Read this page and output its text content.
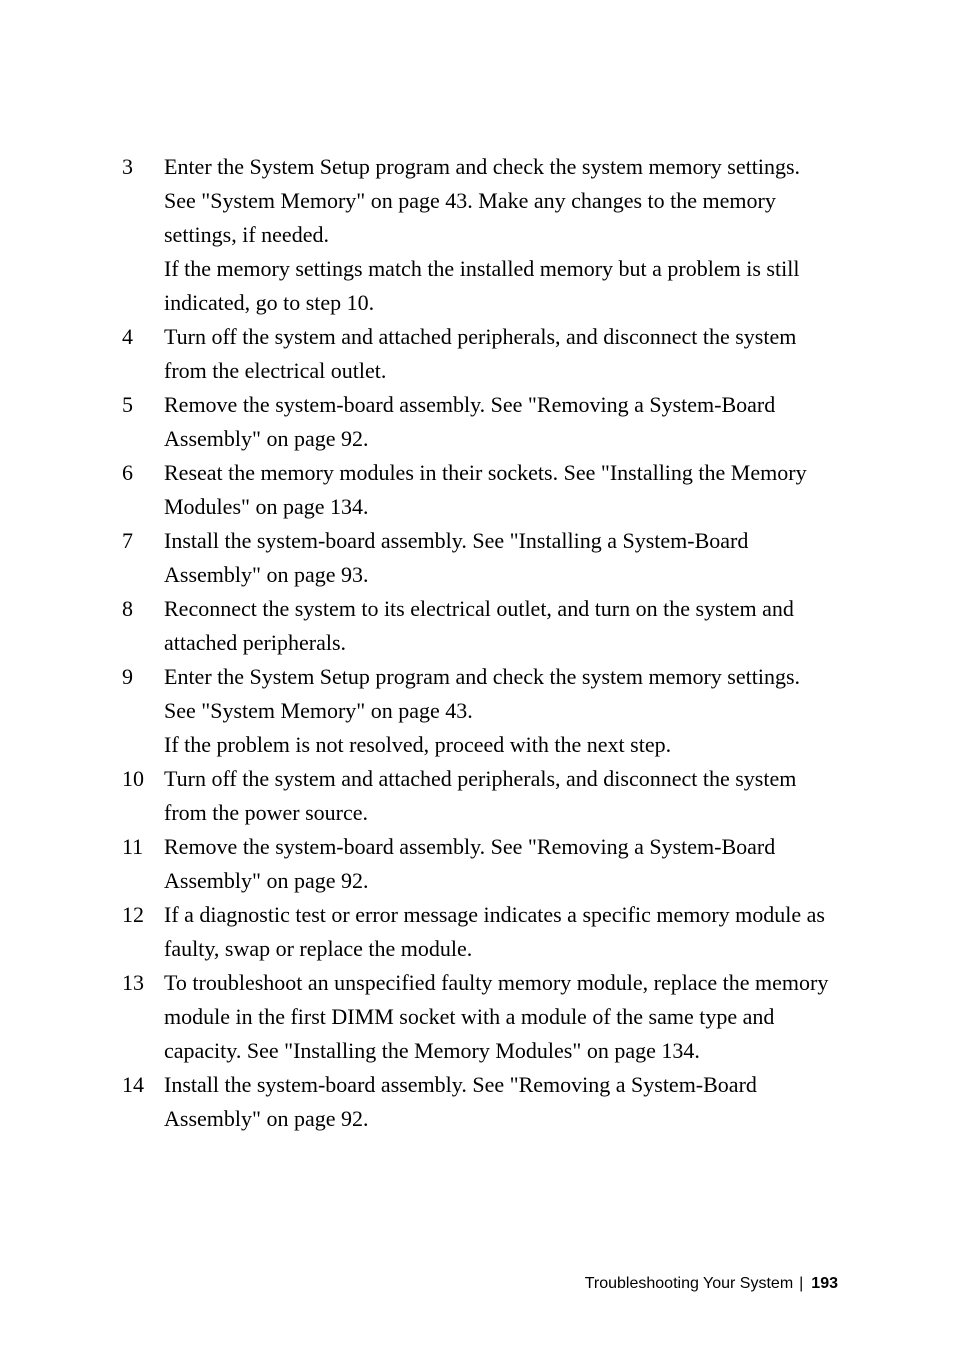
3 Enter the System Setup program and check the system memory settings.

See "System Memory" on page 43. Make any changes to the memory settings, if needed.

If the memory settings match the installed memory but a problem is still indicated, go to step 10.

4 Turn off the system and attached peripherals, and disconnect the system from the electrical outlet.

5 Remove the system-board assembly. See "Removing a System-Board Assembly" on page 92.

6 Reseat the memory modules in their sockets. See "Installing the Memory Modules" on page 134.

7 Install the system-board assembly. See "Installing a System-Board Assembly" on page 93.

8 Reconnect the system to its electrical outlet, and turn on the system and attached peripherals.

9 Enter the System Setup program and check the system memory settings. See "System Memory" on page 43.

If the problem is not resolved, proceed with the next step.

10 Turn off the system and attached peripherals, and disconnect the system from the power source.

11 Remove the system-board assembly. See "Removing a System-Board Assembly" on page 92.

12 If a diagnostic test or error message indicates a specific memory module as faulty, swap or replace the module.

13 To troubleshoot an unspecified faulty memory module, replace the memory module in the first DIMM socket with a module of the same type and capacity. See "Installing the Memory Modules" on page 134.

14 Install the system-board assembly. See "Removing a System-Board Assembly" on page 92.

Troubleshooting Your System | 193
